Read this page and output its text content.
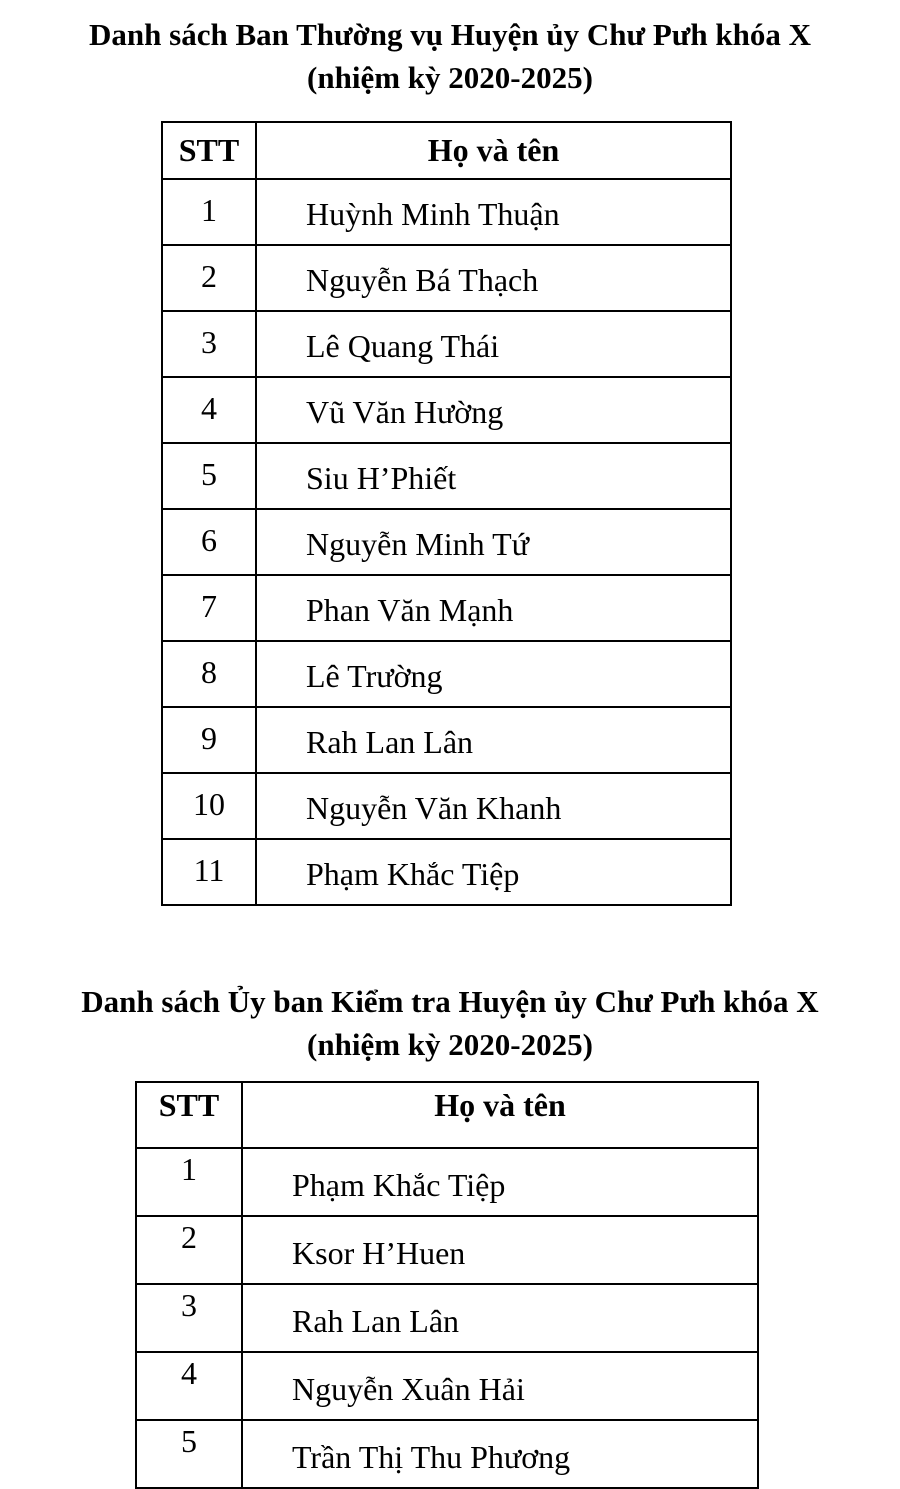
Danh sách Ban Thường vụ Huyện ủy Chư Pưh khóa X
(nhiệm kỳ 2020-2025)
STT	Họ và tên
1	Huỳnh Minh Thuận
2	Nguyễn Bá Thạch
3	Lê Quang Thái
4	Vũ Văn Hường
5	Siu H’Phiết
6	Nguyễn Minh Tứ
7	Phan Văn Mạnh
8	Lê Trường
9	Rah Lan Lân
10	Nguyễn Văn Khanh
11	Phạm Khắc Tiệp
Danh sách Ủy ban Kiểm tra Huyện ủy Chư Pưh khóa X
(nhiệm kỳ 2020-2025)
STT	Họ và tên
1	Phạm Khắc Tiệp
2	Ksor H’Huen
3	Rah Lan Lân
4	Nguyễn Xuân Hải
5	Trần Thị Thu Phương
